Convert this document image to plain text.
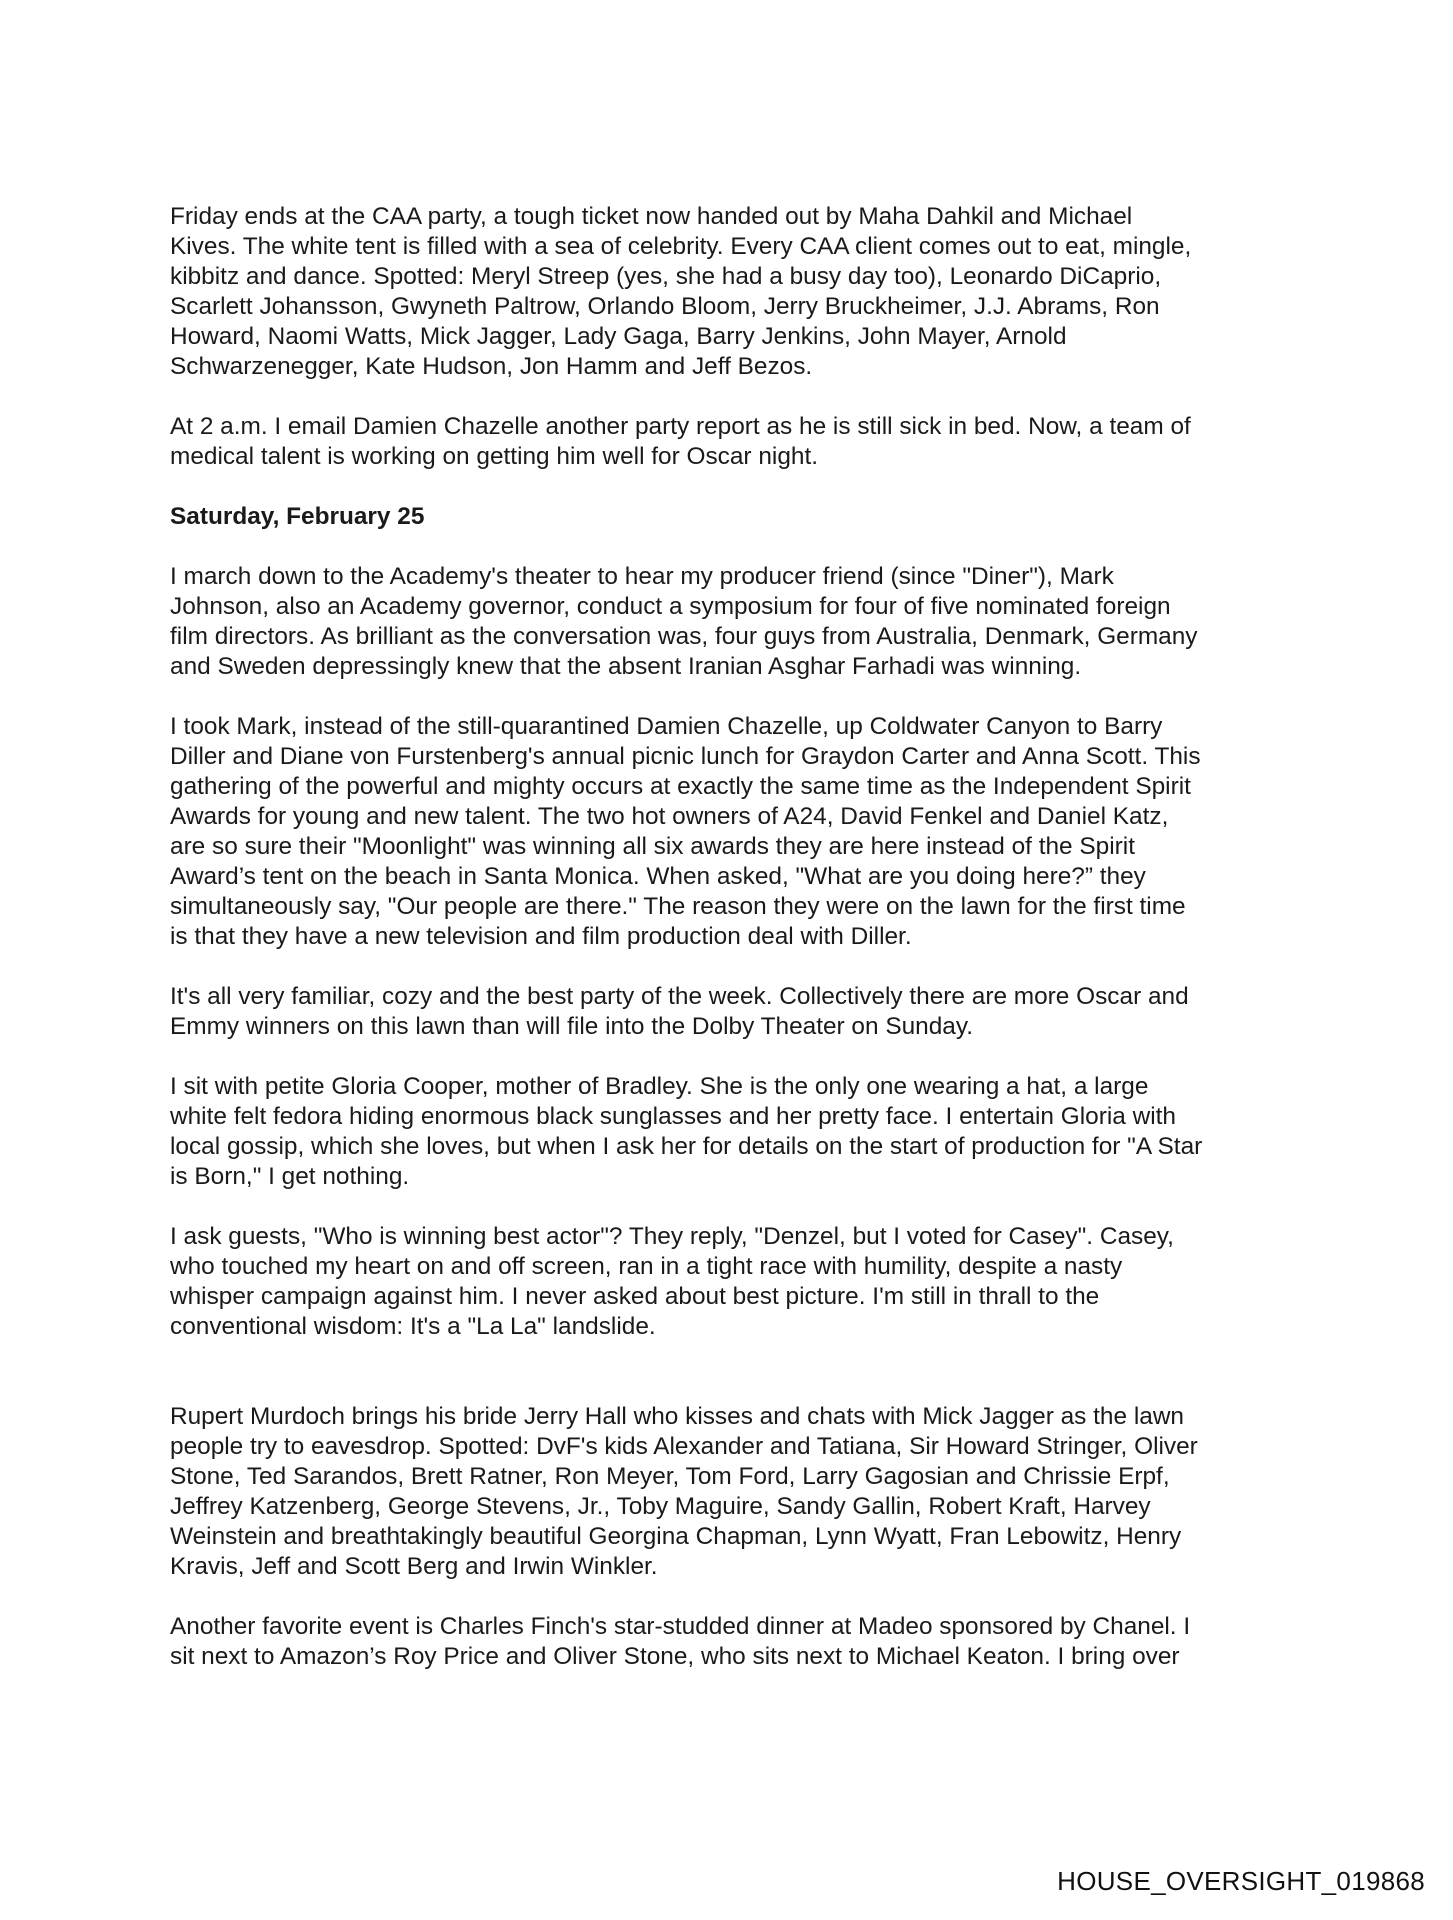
Friday ends at the CAA party, a tough ticket now handed out by Maha Dahkil and Michael
Kives. The white tent is filled with a sea of celebrity. Every CAA client comes out to eat, mingle,
kibbitz and dance. Spotted: Meryl Streep (yes, she had a busy day too), Leonardo DiCaprio,
Scarlett Johansson, Gwyneth Paltrow, Orlando Bloom, Jerry Bruckheimer, J.J. Abrams, Ron
Howard, Naomi Watts, Mick Jagger, Lady Gaga, Barry Jenkins, John Mayer, Arnold
Schwarzenegger, Kate Hudson, Jon Hamm and Jeff Bezos.

At 2 a.m. I email Damien Chazelle another party report as he is still sick in bed. Now, a team of
medical talent is working on getting him well for Oscar night.

Saturday, February 25

I march down to the Academy's theater to hear my producer friend (since "Diner"), Mark
Johnson, also an Academy governor, conduct a symposium for four of five nominated foreign
film directors. As brilliant as the conversation was, four guys from Australia, Denmark, Germany
and Sweden depressingly knew that the absent Iranian Asghar Farhadi was winning.

I took Mark, instead of the still-quarantined Damien Chazelle, up Coldwater Canyon to Barry
Diller and Diane von Furstenberg's annual picnic lunch for Graydon Carter and Anna Scott. This
gathering of the powerful and mighty occurs at exactly the same time as the Independent Spirit
Awards for young and new talent. The two hot owners of A24, David Fenkel and Daniel Katz,
are so sure their "Moonlight" was winning all six awards they are here instead of the Spirit
Award’s tent on the beach in Santa Monica. When asked, "What are you doing here?” they
simultaneously say, "Our people are there." The reason they were on the lawn for the first time
is that they have a new television and film production deal with Diller.

It's all very familiar, cozy and the best party of the week. Collectively there are more Oscar and
Emmy winners on this lawn than will file into the Dolby Theater on Sunday.

I sit with petite Gloria Cooper, mother of Bradley. She is the only one wearing a hat, a large
white felt fedora hiding enormous black sunglasses and her pretty face. I entertain Gloria with
local gossip, which she loves, but when I ask her for details on the start of production for "A Star
is Born," I get nothing.

I ask guests, "Who is winning best actor"? They reply, "Denzel, but I voted for Casey". Casey,
who touched my heart on and off screen, ran in a tight race with humility, despite a nasty
whisper campaign against him. I never asked about best picture. I'm still in thrall to the
conventional wisdom: It's a "La La" landslide.

Rupert Murdoch brings his bride Jerry Hall who kisses and chats with Mick Jagger as the lawn
people try to eavesdrop. Spotted: DvF's kids Alexander and Tatiana, Sir Howard Stringer, Oliver
Stone, Ted Sarandos, Brett Ratner, Ron Meyer, Tom Ford, Larry Gagosian and Chrissie Erpf,
Jeffrey Katzenberg, George Stevens, Jr., Toby Maguire, Sandy Gallin, Robert Kraft, Harvey
Weinstein and breathtakingly beautiful Georgina Chapman, Lynn Wyatt, Fran Lebowitz, Henry
Kravis, Jeff and Scott Berg and Irwin Winkler.

Another favorite event is Charles Finch's star-studded dinner at Madeo sponsored by Chanel. I
sit next to Amazon’s Roy Price and Oliver Stone, who sits next to Michael Keaton. I bring over

HOUSE_OVERSIGHT_019868
